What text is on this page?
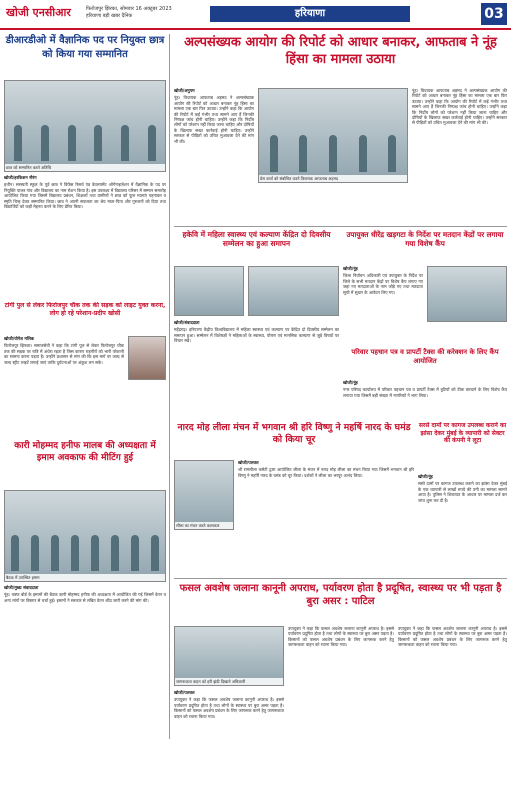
खोजी एनसीआर	फिरोजपुर झिरका, सोमवार 16 अक्टूबर 2023
हरियाणा बड़ी खबर दैनिक	हरियाणा	03
डीआरडीओ में वैज्ञानिक पद पर नियुक्त छात्र को किया गया सम्मानित
छात्र को सम्मानित करते अतिथि

खोजी/हरकिशन नौरंग

हथीन। सरस्वती स्कूल के पूर्व छात्र ने डिफेंस रिसर्च एंड डेवलपमेंट ऑर्गनाइजेशन में वैज्ञानिक के पद पर नियुक्ति पाकर गांव और विद्यालय का नाम रोशन किया है। इस उपलक्ष्य में विद्यालय परिसर में सम्मान समारोह आयोजित किया गया जिसमें विद्यालय प्रबंधन, शिक्षकों तथा ग्रामीणों ने छात्र को फूल मालाएं पहनाकर व स्मृति चिन्ह देकर सम्मानित किया। छात्र ने अपनी सफलता का श्रेय माता-पिता और गुरुजनों को दिया तथा विद्यार्थियों को कड़ी मेहनत करने के लिए प्रेरित किया।

टांगी पुल से लेकर फिरोजपुर चौक तक की सड़क को लाइट युक्त करना, लोग हो रहे परेशान-प्रदीप खोसी

खोजी/योगेश मलिक

फिरोजपुर झिरका। समाजसेवी ने कहा कि टांगी पुल से लेकर फिरोजपुर चौक तक की सड़क पर रात्रि में अंधेरा रहता है जिस कारण राहगीरों को भारी परेशानी का सामना करना पड़ता है। उन्होंने प्रशासन से मांग की कि इस मार्ग पर जल्द से जल्द स्ट्रीट लाइटें लगाई जाएं ताकि दुर्घटनाओं पर अंकुश लग सके।

कारी मोहम्मद हनीफ मालब की अध्यक्षता में इमाम अवकाफ की मीटिंग हुई
बैठक में उपस्थित इमाम

खोजी/मुख्य संवाददाता

नूंह। वक्फ बोर्ड के इमामों की बैठक कारी मोहम्मद हनीफ की अध्यक्षता में आयोजित की गई जिसमें वेतन व अन्य मांगों पर विस्तार से चर्चा हुई। इमामों ने सरकार से लंबित वेतन शीघ्र जारी करने की मांग की।

अल्पसंख्यक आयोग की रिपोर्ट को आधार बनाकर, आफताब ने नूंह हिंसा का मामला उठाया

खोजी/अनुपम

नूंह। विधायक आफताब अहमद ने अल्पसंख्यक आयोग की रिपोर्ट को आधार बनाकर नूंह हिंसा का मामला एक बार फिर उठाया। उन्होंने कहा कि आयोग की रिपोर्ट में कई गंभीर तथ्य सामने आए हैं जिनकी निष्पक्ष जांच होनी चाहिए। उन्होंने कहा कि निर्दोष लोगों को परेशान नहीं किया जाना चाहिए और दोषियों के खिलाफ सख्त कार्रवाई होनी चाहिए। उन्होंने सरकार से पीड़ितों को उचित मुआवजा देने की मांग भी की।

प्रेस वार्ता को संबोधित करते विधायक आफताब अहमद

नूंह। विधायक आफताब अहमद ने अल्पसंख्यक आयोग की रिपोर्ट को आधार बनाकर नूंह हिंसा का मामला एक बार फिर उठाया। उन्होंने कहा कि आयोग की रिपोर्ट में कई गंभीर तथ्य सामने आए हैं जिनकी निष्पक्ष जांच होनी चाहिए। उन्होंने कहा कि निर्दोष लोगों को परेशान नहीं किया जाना चाहिए और दोषियों के खिलाफ सख्त कार्रवाई होनी चाहिए। उन्होंने सरकार से पीड़ितों को उचित मुआवजा देने की मांग भी की।

हकेवि में महिला स्वास्थ्य एवं कल्याण केंद्रित दो दिवसीय सम्मेलन का हुआ समापन

खोजी/संवाददाता

महेंद्रगढ़। हरियाणा केंद्रीय विश्वविद्यालय में महिला स्वास्थ्य एवं कल्याण पर केंद्रित दो दिवसीय सम्मेलन का समापन हुआ। सम्मेलन में विशेषज्ञों ने महिलाओं के स्वास्थ्य, पोषण एवं मानसिक कल्याण से जुड़े विषयों पर विचार रखे।

उपायुक्त धीरेंद्र खड़गटा के निर्देश पर मतदान केंद्रों पर लगाया गया विशेष कैंप

खोजी/नूंह

जिला निर्वाचन अधिकारी एवं उपायुक्त के निर्देश पर जिले के सभी मतदान केंद्रों पर विशेष कैंप लगाए गए जहां नए मतदाताओं के नाम जोड़े गए तथा मतदाता सूची में सुधार के आवेदन लिए गए।

परिवार पहचान पत्र व प्रापर्टी टैक्स की करेक्शन के लिए कैंप आयोजित

खोजी/नूंह

नगर परिषद कार्यालय में परिवार पहचान पत्र व प्रापर्टी टैक्स में त्रुटियों को ठीक करवाने के लिए विशेष कैंप लगाया गया जिसमें बड़ी संख्या में नागरिकों ने भाग लिया।

नारद मोह लीला मंचन में भगवान श्री हरि विष्णु ने महर्षि नारद के घमंड को किया चूर
लीला का मंचन करते कलाकार

खोजी/पलवल

श्री रामलीला कमेटी द्वारा आयोजित लीला के मंचन में नारद मोह लीला का मंचन किया गया जिसमें भगवान श्री हरि विष्णु ने महर्षि नारद के घमंड को चूर किया। दर्शकों ने लीला का भरपूर आनंद लिया।

सरसे दामों पर कागज उपलब्ध कराने का झांसा देकर मुंबई के व्यापारी को सेक्टर की कंपनी ने लूटा

खोजी/नूंह

सस्ते दामों पर कागज उपलब्ध कराने का झांसा देकर मुंबई के एक व्यापारी से लाखों रुपये की ठगी का मामला सामने आया है। पुलिस ने शिकायत के आधार पर मामला दर्ज कर जांच शुरू कर दी है।

फसल अवशेष जलाना कानूनी अपराध, पर्यावरण होता है प्रदूषित, स्वास्थ्य पर भी पड़ता है बुरा असर : पाटिल
जागरूकता वाहन को हरी झंडी दिखाते अधिकारी

खोजी/पलवल

उपायुक्त ने कहा कि फसल अवशेष जलाना कानूनी अपराध है। इससे पर्यावरण प्रदूषित होता है तथा लोगों के स्वास्थ्य पर बुरा असर पड़ता है। किसानों को फसल अवशेष प्रबंधन के लिए जागरूक करने हेतु जागरूकता वाहन को रवाना किया गया।

उपायुक्त ने कहा कि फसल अवशेष जलाना कानूनी अपराध है। इससे पर्यावरण प्रदूषित होता है तथा लोगों के स्वास्थ्य पर बुरा असर पड़ता है। किसानों को फसल अवशेष प्रबंधन के लिए जागरूक करने हेतु जागरूकता वाहन को रवाना किया गया।

उपायुक्त ने कहा कि फसल अवशेष जलाना कानूनी अपराध है। इससे पर्यावरण प्रदूषित होता है तथा लोगों के स्वास्थ्य पर बुरा असर पड़ता है। किसानों को फसल अवशेष प्रबंधन के लिए जागरूक करने हेतु जागरूकता वाहन को रवाना किया गया।
